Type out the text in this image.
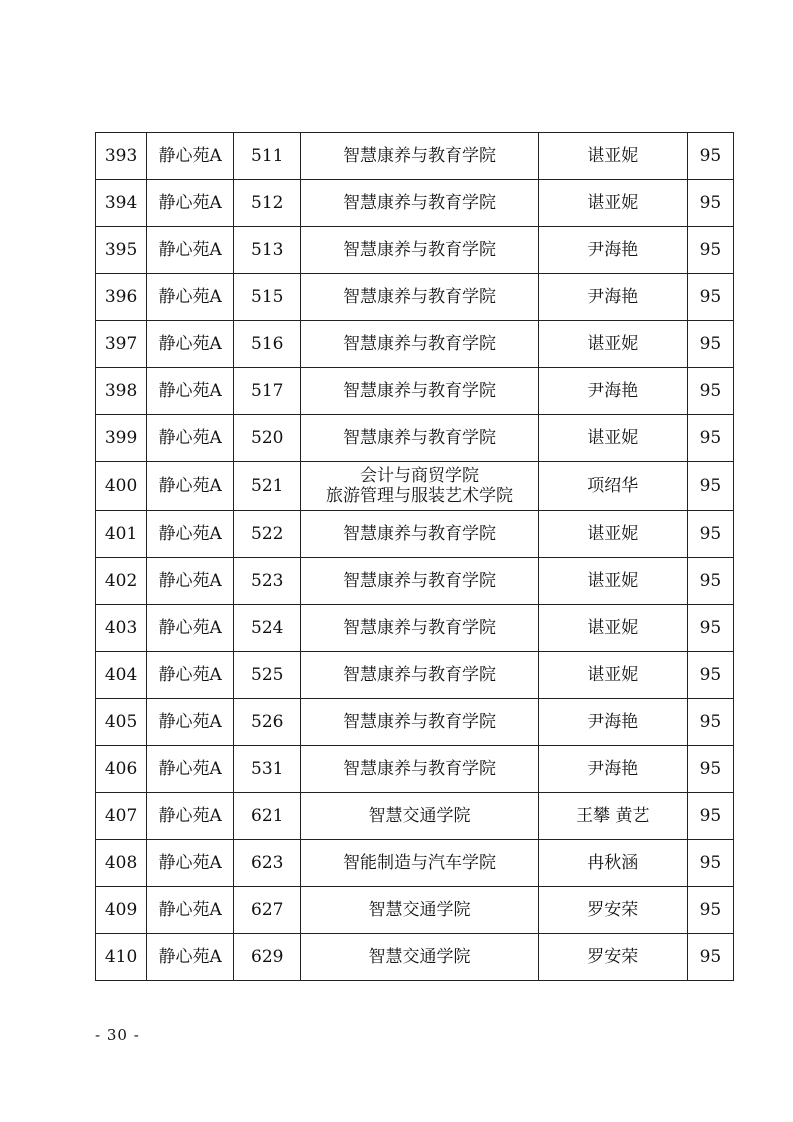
393	静心苑A	511	智慧康养与教育学院	谌亚妮	95
394	静心苑A	512	智慧康养与教育学院	谌亚妮	95
395	静心苑A	513	智慧康养与教育学院	尹海艳	95
396	静心苑A	515	智慧康养与教育学院	尹海艳	95
397	静心苑A	516	智慧康养与教育学院	谌亚妮	95
398	静心苑A	517	智慧康养与教育学院	尹海艳	95
399	静心苑A	520	智慧康养与教育学院	谌亚妮	95
400	静心苑A	521	会计与商贸学院
旅游管理与服装艺术学院	项绍华	95
401	静心苑A	522	智慧康养与教育学院	谌亚妮	95
402	静心苑A	523	智慧康养与教育学院	谌亚妮	95
403	静心苑A	524	智慧康养与教育学院	谌亚妮	95
404	静心苑A	525	智慧康养与教育学院	谌亚妮	95
405	静心苑A	526	智慧康养与教育学院	尹海艳	95
406	静心苑A	531	智慧康养与教育学院	尹海艳	95
407	静心苑A	621	智慧交通学院	王攀 黄艺	95
408	静心苑A	623	智能制造与汽车学院	冉秋涵	95
409	静心苑A	627	智慧交通学院	罗安荣	95
410	静心苑A	629	智慧交通学院	罗安荣	95
- 30 -
